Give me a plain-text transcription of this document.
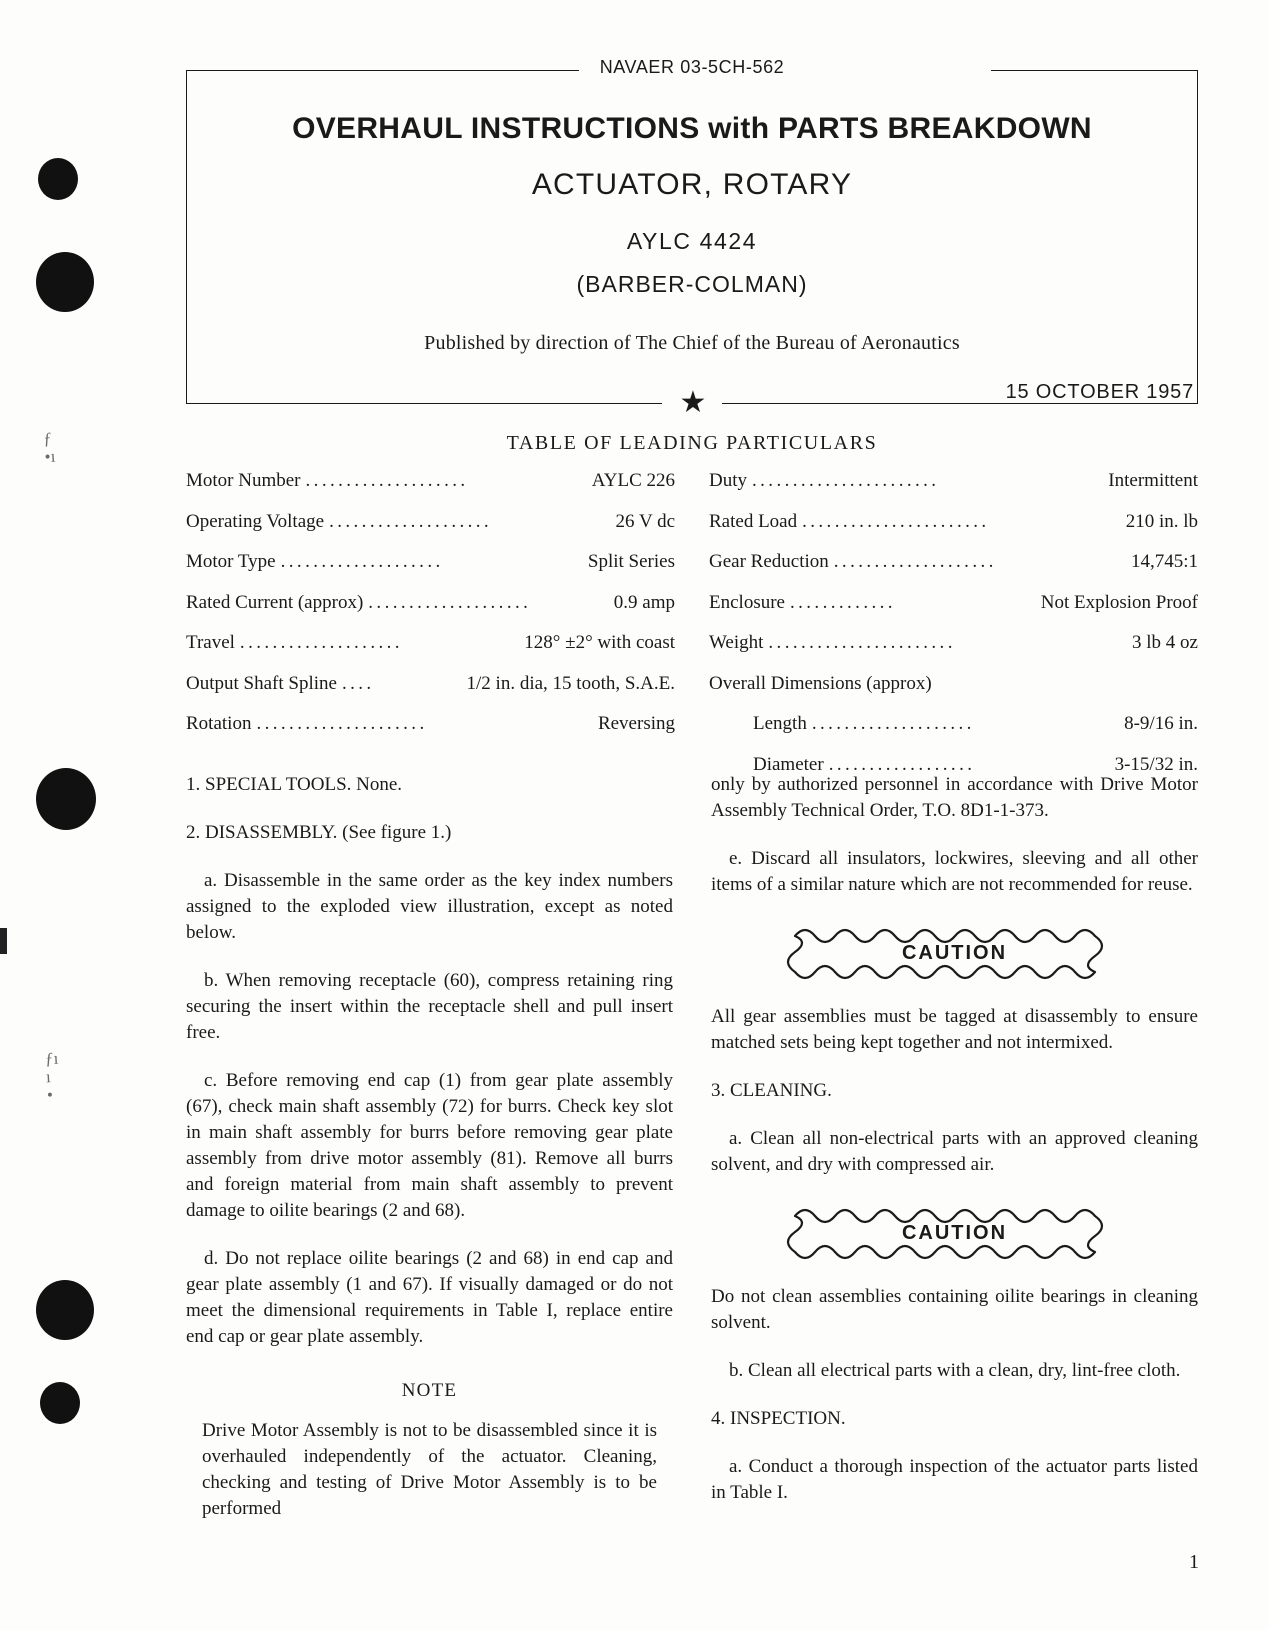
ƒ
•ı
ƒı
ı
•
NAVAER 03-5CH-562
OVERHAUL INSTRUCTIONS with PARTS BREAKDOWN
ACTUATOR, ROTARY
AYLC 4424
(BARBER-COLMAN)
Published by direction of The Chief of the Bureau of Aeronautics
15 OCTOBER 1957
★
TABLE OF LEADING PARTICULARS
Motor Number ....................	AYLC 226
Operating Voltage ....................	26 V dc
Motor Type ....................	Split Series
Rated Current (approx) ....................	0.9 amp
Travel ....................	128° ±2° with coast
Output Shaft Spline ....	1/2 in. dia, 15 tooth, S.A.E.
Rotation .....................	Reversing
Duty .......................	Intermittent
Rated Load .......................	210 in. lb
Gear Reduction ....................	14,745:1
Enclosure .............	Not Explosion Proof
Weight .......................	3 lb 4 oz
Overall Dimensions (approx)
Length ....................	8-9/16 in.
Diameter ..................	3-15/32 in.
1. SPECIAL TOOLS. None.
2. DISASSEMBLY. (See figure 1.)
a. Disassemble in the same order as the key index numbers assigned to the exploded view illustration, except as noted below.
b. When removing receptacle (60), compress retaining ring securing the insert within the receptacle shell and pull insert free.
c. Before removing end cap (1) from gear plate assembly (67), check main shaft assembly (72) for burrs. Check key slot in main shaft assembly for burrs before removing gear plate assembly from drive motor assembly (81). Remove all burrs and foreign material from main shaft assembly to prevent damage to oilite bearings (2 and 68).
d. Do not replace oilite bearings (2 and 68) in end cap and gear plate assembly (1 and 67). If visually damaged or do not meet the dimensional requirements in Table I, replace entire end cap or gear plate assembly.
NOTE
Drive Motor Assembly is not to be disassembled since it is overhauled independently of the actuator. Cleaning, checking and testing of Drive Motor Assembly is to be performed
only by authorized personnel in accordance with Drive Motor Assembly Technical Order, T.O. 8D1-1-373.
e. Discard all insulators, lockwires, sleeving and all other items of a similar nature which are not recommended for reuse.
CAUTION
All gear assemblies must be tagged at disassembly to ensure matched sets being kept together and not intermixed.
3. CLEANING.
a. Clean all non-electrical parts with an approved cleaning solvent, and dry with compressed air.
CAUTION
Do not clean assemblies containing oilite bearings in cleaning solvent.
b. Clean all electrical parts with a clean, dry, lint-free cloth.
4. INSPECTION.
a. Conduct a thorough inspection of the actuator parts listed in Table I.
1
